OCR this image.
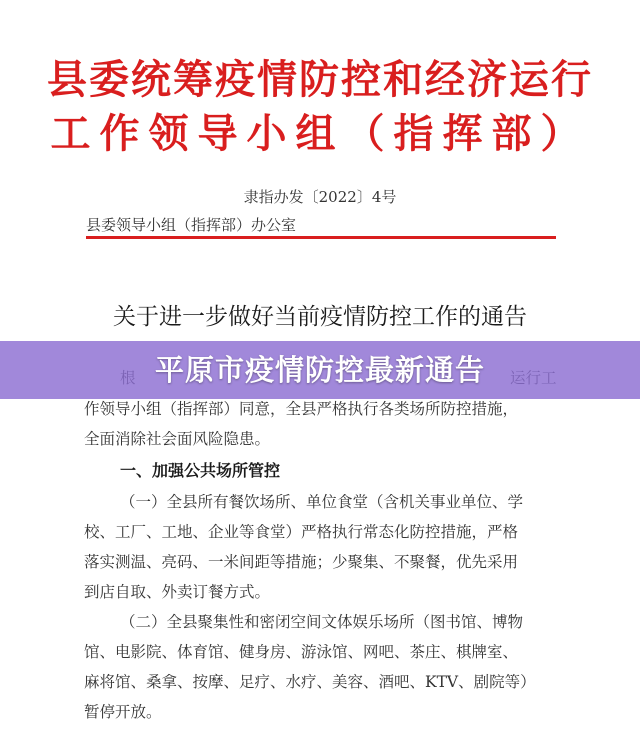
县委统筹疫情防控和经济运行
工作领导小组（指挥部）
隶指办发〔2022〕4号
县委领导小组（指挥部）办公室
关于进一步做好当前疫情防控工作的通告
平原市疫情防控最新通告
作领导小组（指挥部）同意，全县严格执行各类场所防控措施，
全面消除社会面风险隐患。
一、加强公共场所管控
（一）全县所有餐饮场所、单位食堂（含机关事业单位、学
校、工厂、工地、企业等食堂）严格执行常态化防控措施，严格
落实测温、亮码、一米间距等措施；少聚集、不聚餐，优先采用
到店自取、外卖订餐方式。
（二）全县聚集性和密闭空间文体娱乐场所（图书馆、博物
馆、电影院、体育馆、健身房、游泳馆、网吧、茶庄、棋牌室、
麻将馆、桑拿、按摩、足疗、水疗、美容、酒吧、KTV、剧院等）
暂停开放。
